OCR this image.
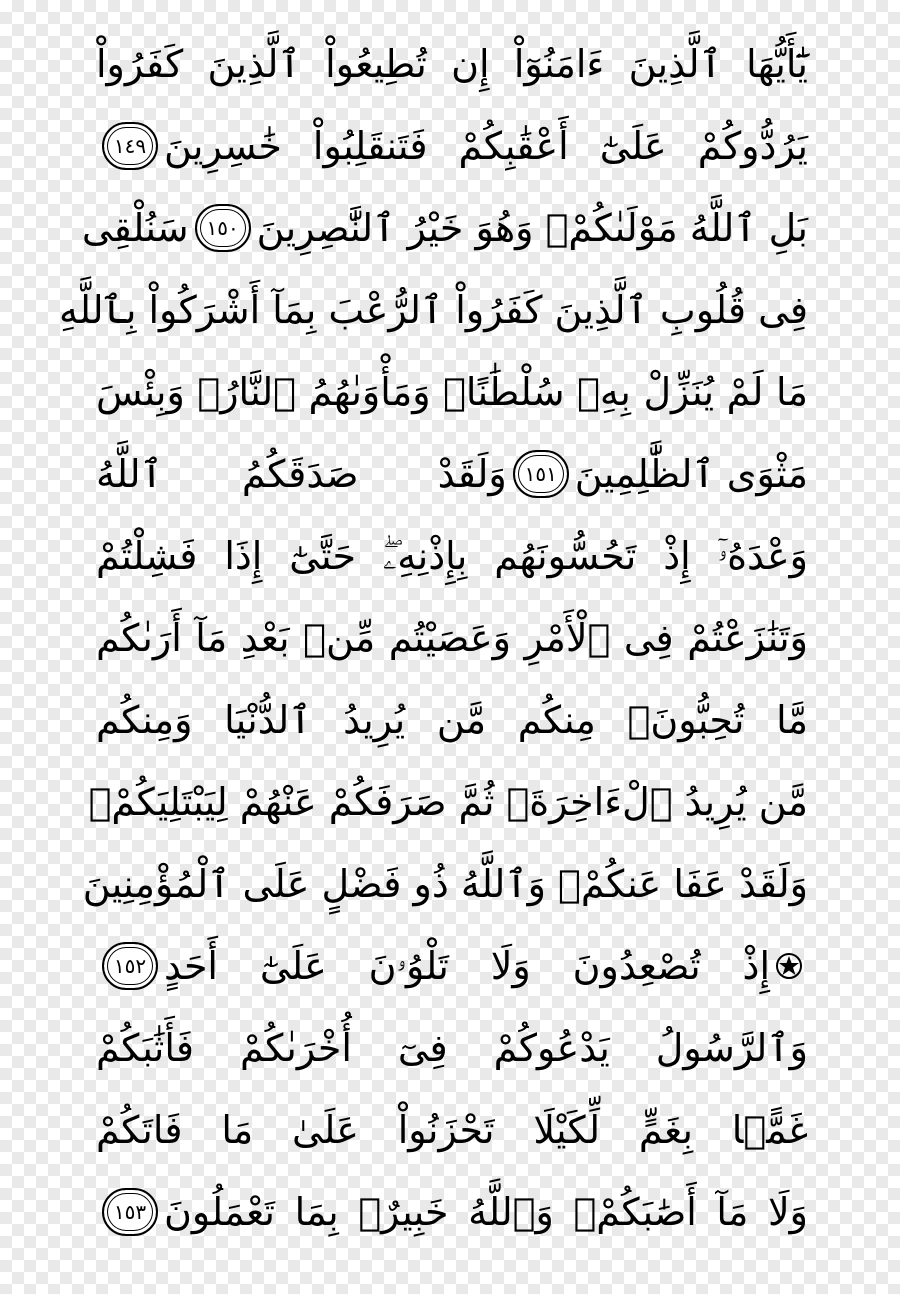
يَٰٓأَيُّهَا ٱلَّذِينَ ءَامَنُوٓاْ إِن تُطِيعُواْ ٱلَّذِينَ كَفَرُواْ
يَرُدُّوكُمْ عَلَىٰٓ أَعْقَٰبِكُمْ فَتَنقَلِبُواْ خَٰسِرِينَ
١٤٩
بَلِ ٱللَّهُ مَوْلَىٰكُمْۖ وَهُوَ خَيْرُ ٱلنَّٰصِرِينَ
١٥٠
سَنُلْقِى
فِى قُلُوبِ ٱلَّذِينَ كَفَرُواْ ٱلرُّعْبَ بِمَآ أَشْرَكُواْ بِٱللَّهِ
مَا لَمْ يُنَزِّلْ بِهِۦ سُلْطَٰنًاۖ وَمَأْوَىٰهُمُ ٱلنَّارُۚ وَبِئْسَ
مَثْوَى ٱلظَّٰلِمِينَ
١٥١
وَلَقَدْ صَدَقَكُمُ ٱللَّهُ
وَعْدَهُۥٓ إِذْ تَحُسُّونَهُم بِإِذْنِهِۦۖ حَتَّىٰٓ إِذَا فَشِلْتُمْ
وَتَنَٰزَعْتُمْ فِى ٱلْأَمْرِ وَعَصَيْتُم مِّنۢ بَعْدِ مَآ أَرَىٰكُم
مَّا تُحِبُّونَۚ مِنكُم مَّن يُرِيدُ ٱلدُّنْيَا وَمِنكُم
مَّن يُرِيدُ ٱلْءَاخِرَةَۚ ثُمَّ صَرَفَكُمْ عَنْهُمْ لِيَبْتَلِيَكُمْۖ
وَلَقَدْ عَفَا عَنكُمْۗ وَٱللَّهُ ذُو فَضْلٍ عَلَى ٱلْمُؤْمِنِينَ
إِذْ تُصْعِدُونَ وَلَا تَلْوُۥنَ عَلَىٰٓ أَحَدٍ
١٥٢
وَٱلرَّسُولُ يَدْعُوكُمْ فِىٓ أُخْرَىٰكُمْ فَأَثَٰبَكُمْ
غَمًّۢا بِغَمٍّ لِّكَيْلَا تَحْزَنُواْ عَلَىٰ مَا فَاتَكُمْ
وَلَا مَآ أَصَٰبَكُمْۗ وَٱللَّهُ خَبِيرٌۢ بِمَا تَعْمَلُونَ
١٥٣
